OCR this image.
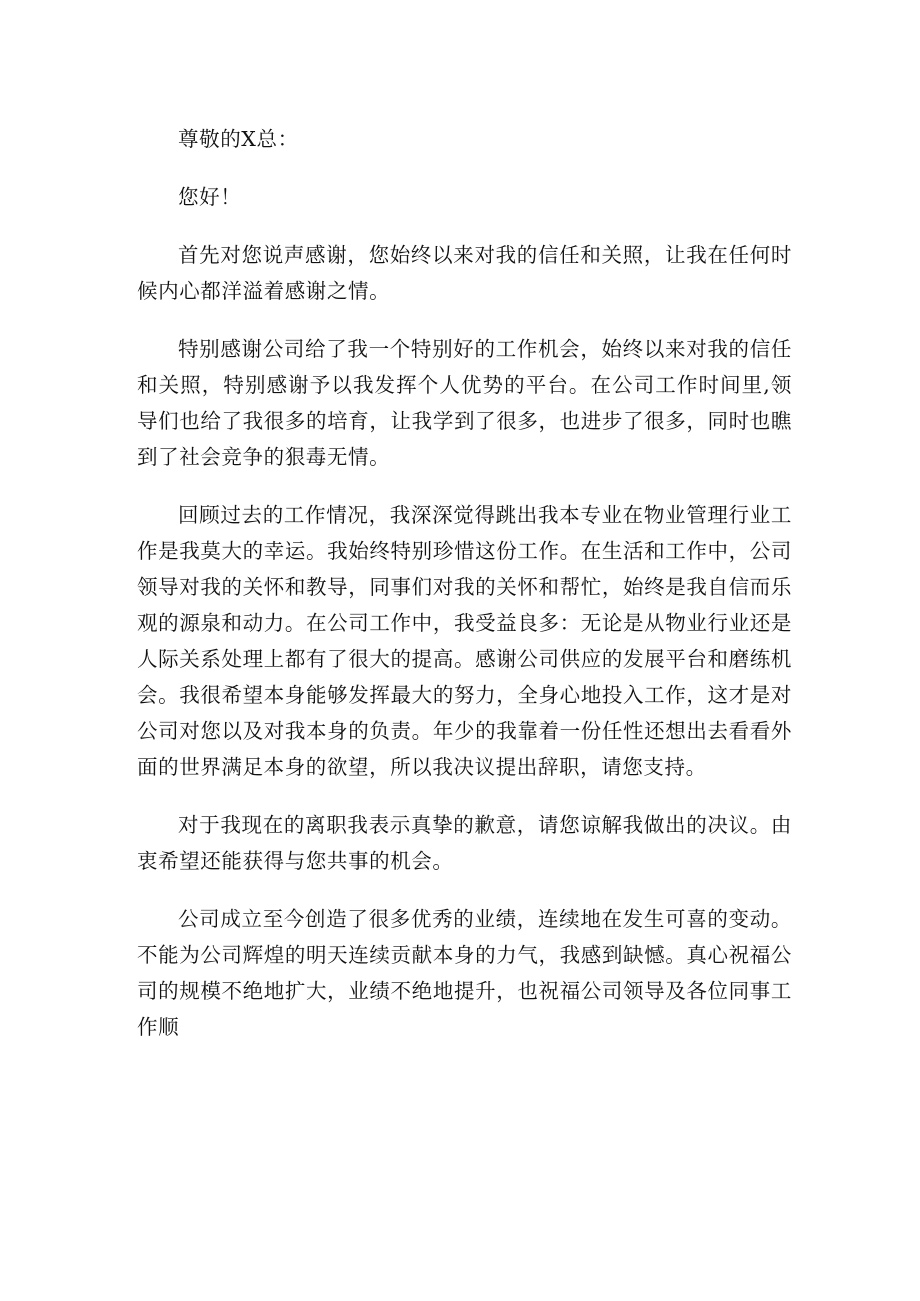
尊敬的X总：

您好！

首先对您说声感谢，您始终以来对我的信任和关照，让我在任何时候内心都洋溢着感谢之情。

特别感谢公司给了我一个特别好的工作机会，始终以来对我的信任和关照，特别感谢予以我发挥个人优势的平台。在公司工作时间里,领导们也给了我很多的培育，让我学到了很多，也进步了很多，同时也瞧到了社会竞争的狠毒无情。

回顾过去的工作情况，我深深觉得跳出我本专业在物业管理行业工作是我莫大的幸运。我始终特别珍惜这份工作。在生活和工作中，公司领导对我的关怀和教导，同事们对我的关怀和帮忙，始终是我自信而乐观的源泉和动力。在公司工作中，我受益良多：无论是从物业行业还是人际关系处理上都有了很大的提高。感谢公司供应的发展平台和磨练机会。我很希望本身能够发挥最大的努力，全身心地投入工作，这才是对公司对您以及对我本身的负责。年少的我靠着一份任性还想出去看看外面的世界满足本身的欲望，所以我决议提出辞职，请您支持。

对于我现在的离职我表示真挚的歉意，请您谅解我做出的决议。由衷希望还能获得与您共事的机会。

公司成立至今创造了很多优秀的业绩，连续地在发生可喜的变动。不能为公司辉煌的明天连续贡献本身的力气，我感到缺憾。真心祝福公司的规模不绝地扩大，业绩不绝地提升，也祝福公司领导及各位同事工作顺
